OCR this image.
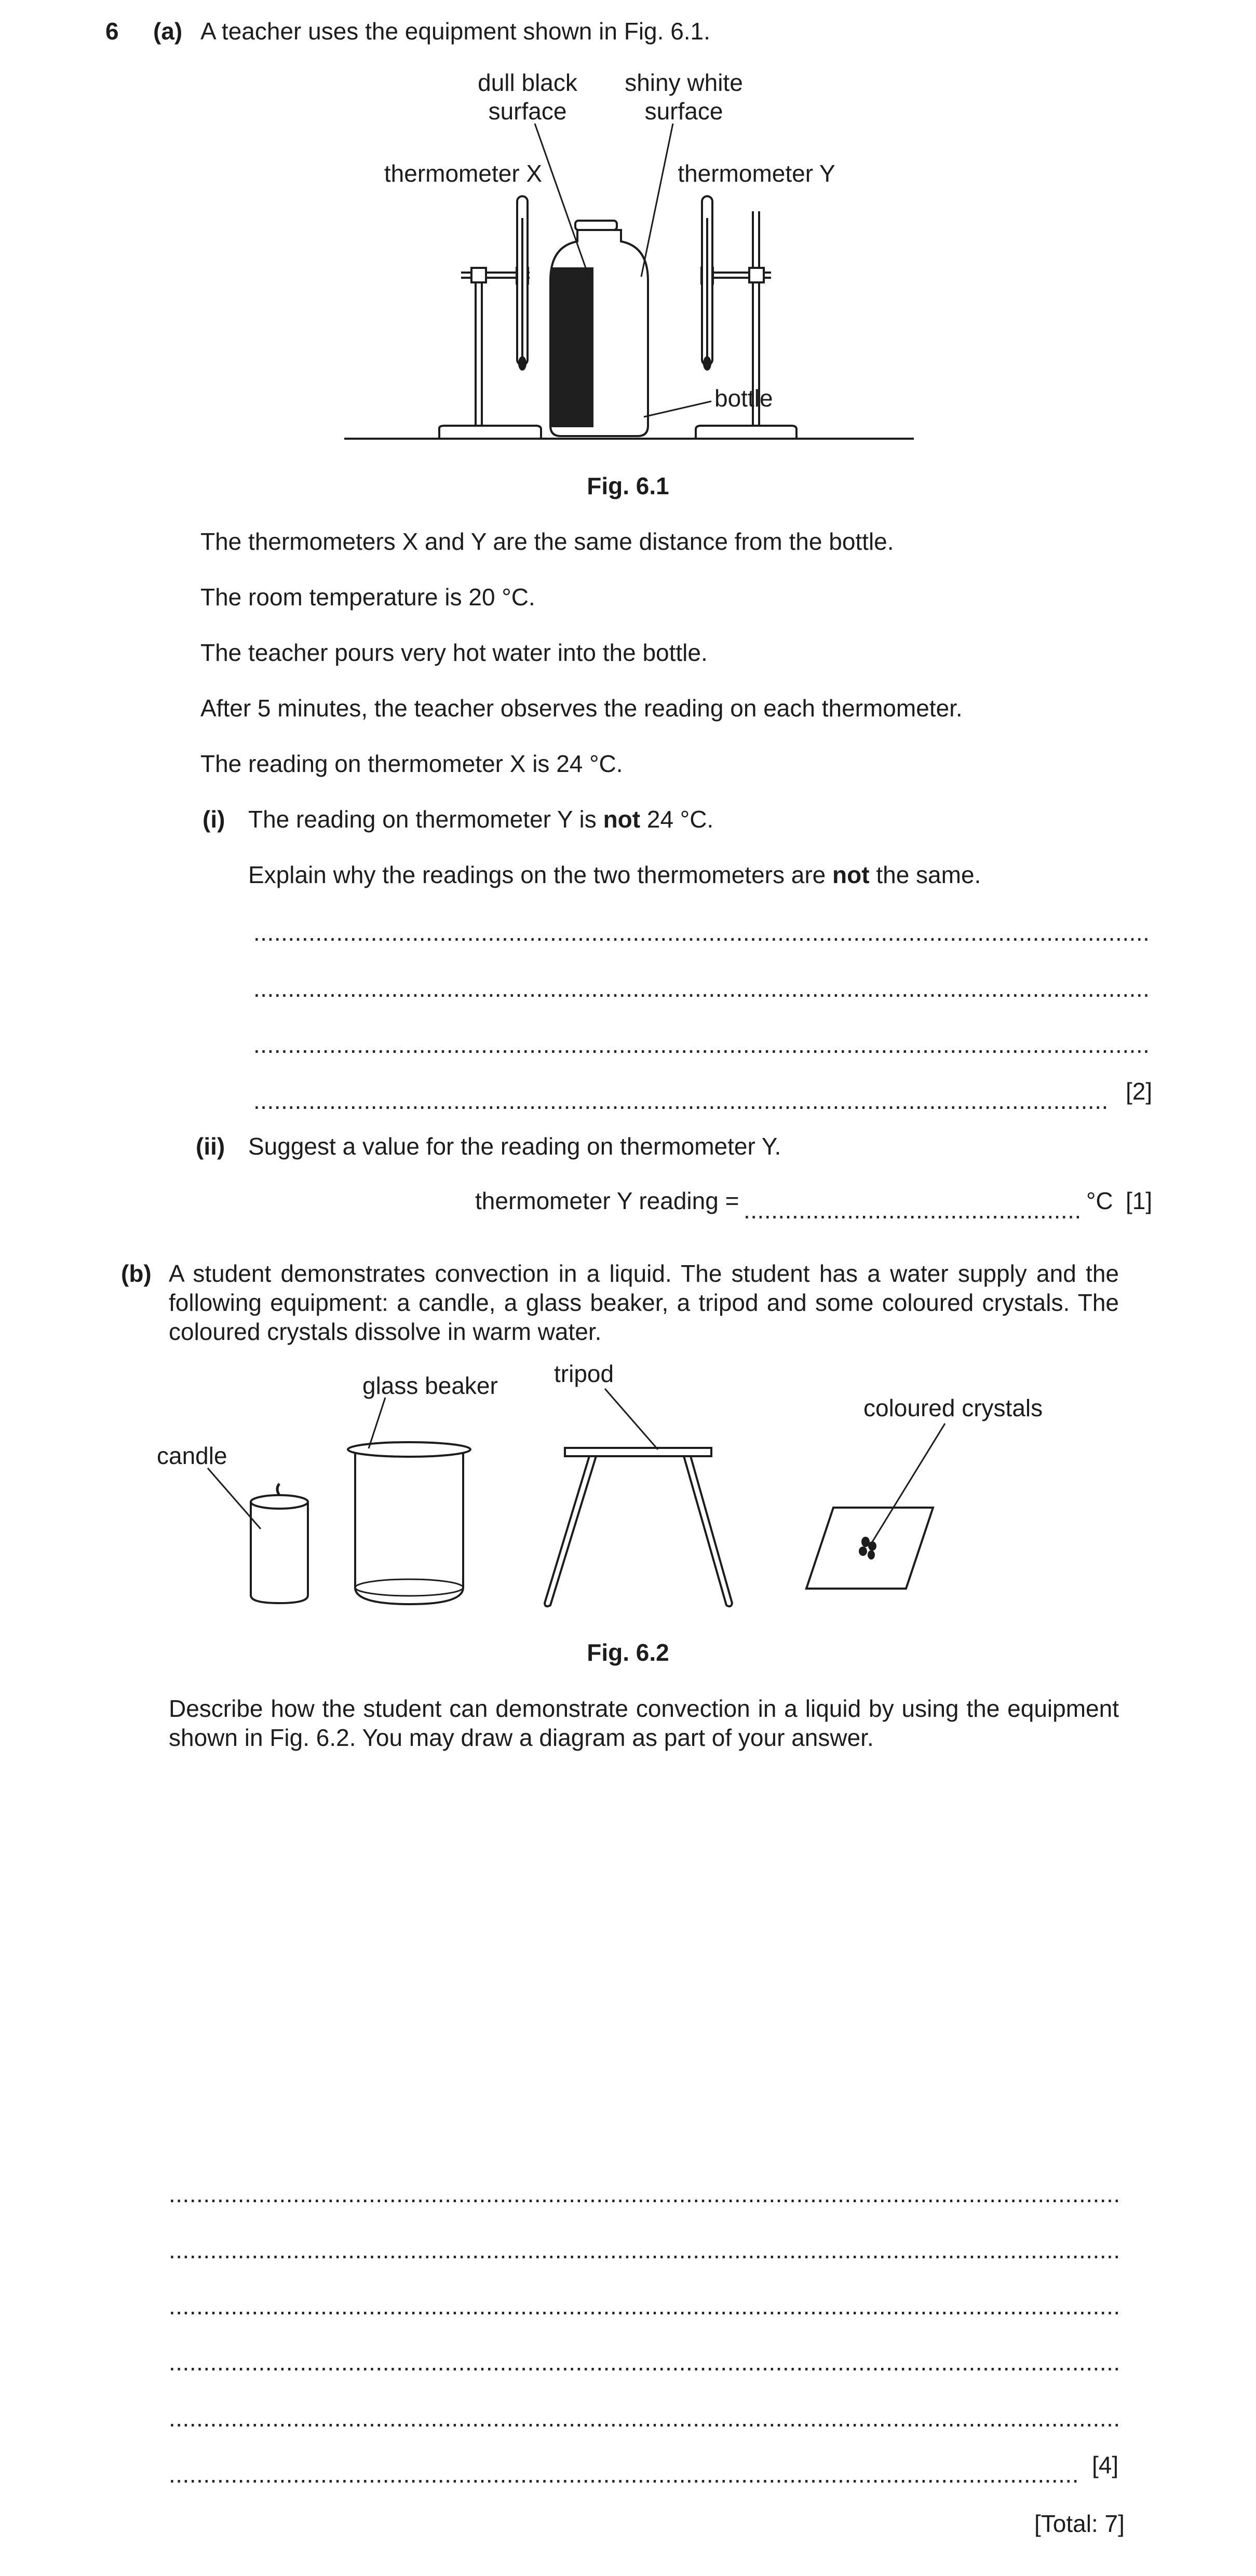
6 (a) A teacher uses the equipment shown in Fig. 6.1.
dull black
surface
shiny white
surface
thermometer X	thermometer Y
bottle
Fig. 6.1
The thermometers X and Y are the same distance from the bottle.
The room temperature is 20 °C.
The teacher pours very hot water into the bottle.
After 5 minutes, the teacher observes the reading on each thermometer.
The reading on thermometer X is 24 °C.
(i) The reading on thermometer Y is not 24 °C.
Explain why the readings on the two thermometers are not the same.
.....
.....
.....
.....
[2]
(ii) Suggest a value for the reading on thermometer Y.
thermometer Y reading =
.....	°C [1]
(b) A student demonstrates convection in a liquid. The student has a water supply and the following equipment: a candle, a glass beaker, a tripod and some coloured crystals. The coloured crystals dissolve in warm water.
candle
glass beaker tripod
coloured crystals
Fig. 6.2
Describe how the student can demonstrate convection in a liquid by using the equipment shown in Fig. 6.2. You may draw a diagram as part of your answer.
.....
.....
.....
.....
.....
.....
[4]
[Total: 7]
